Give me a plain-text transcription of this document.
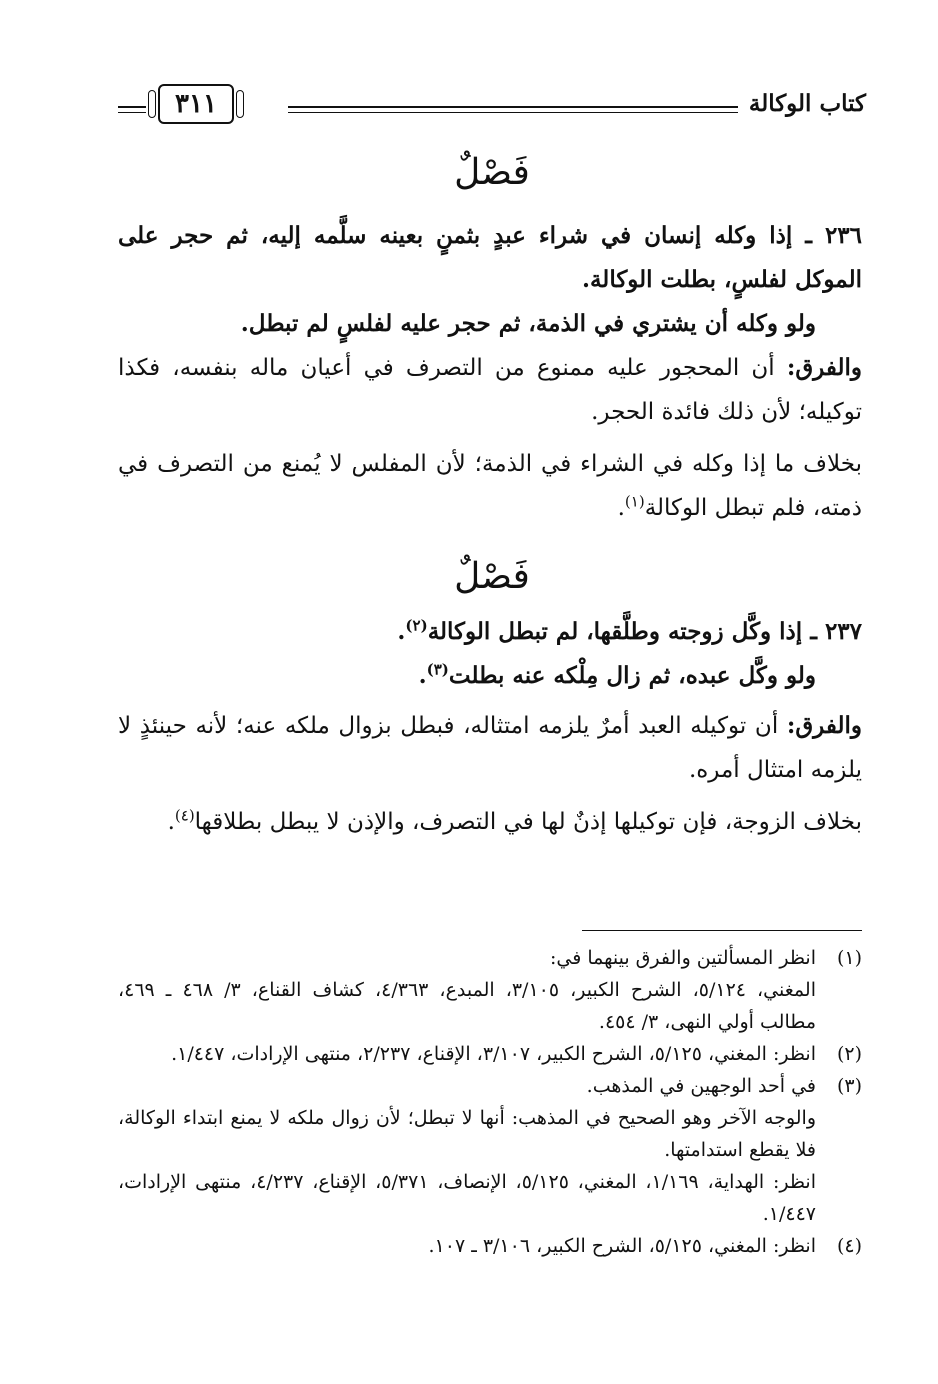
كتاب الوكالة
٣١١
فَصْلٌ
٢٣٦ ـ إذا وكله إنسان في شراء عبدٍ بثمنٍ بعينه سلَّمه إليه، ثم حجر على الموكل لفلسٍ، بطلت الوكالة.
ولو وكله أن يشتري في الذمة، ثم حجر عليه لفلسٍ لم تبطل.
والفرق: أن المحجور عليه ممنوع من التصرف في أعيان ماله بنفسه، فكذا توكيله؛ لأن ذلك فائدة الحجر.
بخلاف ما إذا وكله في الشراء في الذمة؛ لأن المفلس لا يُمنع من التصرف في ذمته، فلم تبطل الوكالة$^{(١)}$.
فَصْلٌ
٢٣٧ ـ إذا وكَّل زوجته وطلَّقها، لم تبطل الوكالة$^{(٢)}$.
ولو وكَّل عبده، ثم زال مِلْكه عنه بطلت$^{(٣)}$.
والفرق: أن توكيله العبد أمرٌ يلزمه امتثاله، فبطل بزوال ملكه عنه؛ لأنه حينئذٍ لا يلزمه امتثال أمره.
بخلاف الزوجة، فإن توكيلها إذنٌ لها في التصرف، والإذن لا يبطل بطلاقها$^{(٤)}$.
(١)
انظر المسألتين والفرق بينهما في:
المغني، ٥/١٢٤، الشرح الكبير، ٣/١٠٥، المبدع، ٤/٣٦٣، كشاف القناع، ٣/ ٤٦٨ ـ ٤٦٩، مطالب أولي النهى، ٣/ ٤٥٤.
(٢)
انظر: المغني، ٥/١٢٥، الشرح الكبير، ٣/١٠٧، الإقناع، ٢/٢٣٧، منتهى الإرادات، ١/٤٤٧.
(٣)
في أحد الوجهين في المذهب.
والوجه الآخر وهو الصحيح في المذهب: أنها لا تبطل؛ لأن زوال ملكه لا يمنع ابتداء الوكالة، فلا يقطع استدامتها.
انظر: الهداية، ١/١٦٩، المغني، ٥/١٢٥، الإنصاف، ٥/٣٧١، الإقناع، ٤/٢٣٧، منتهى الإرادات، ١/٤٤٧.
(٤)
انظر: المغني، ٥/١٢٥، الشرح الكبير، ٣/١٠٦ ـ ١٠٧.
